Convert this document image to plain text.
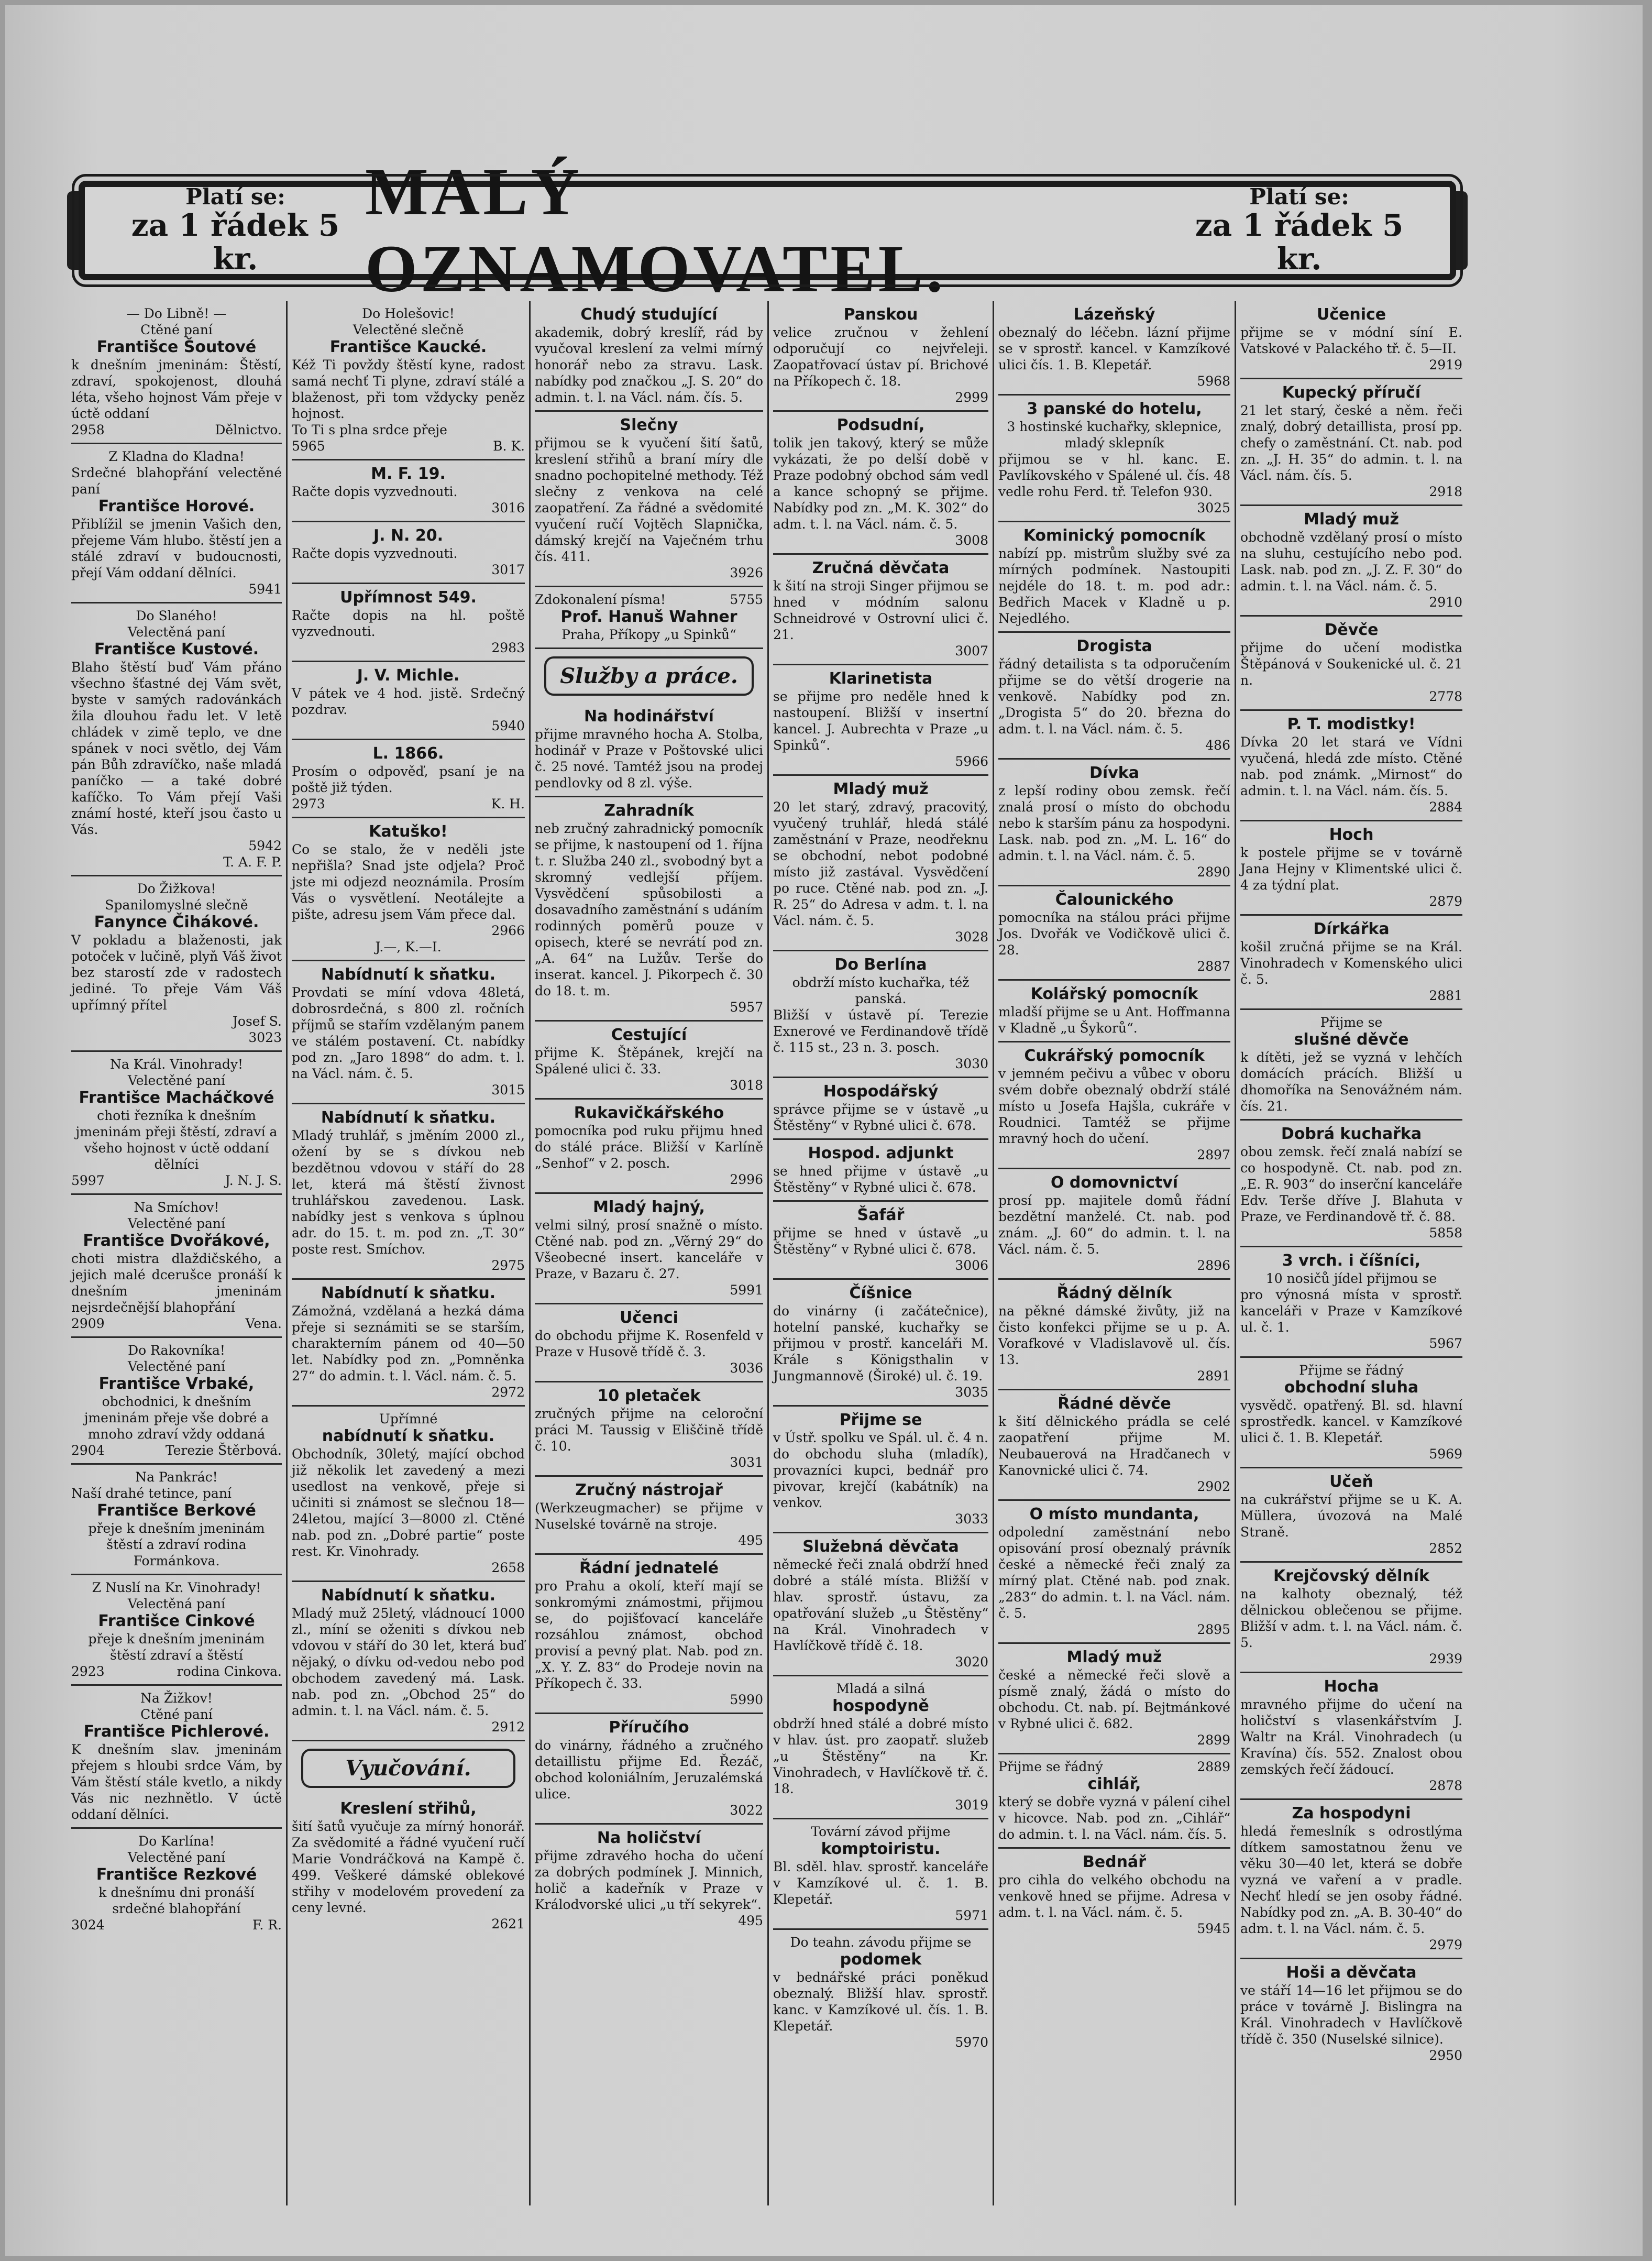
Platí se:
za 1 řádek 5 kr.
MALÝ OZNAMOVATEL.
Platí se:
za 1 řádek 5 kr.

— Do Libně! —

Ctěné paní

Františce Šoutové

k dnešním jmeninám: Štěstí, zdraví, spokojenost, dlouhá léta, všeho hojnost Vám přeje v úctě oddaní

2958	Dělnictvo.

Z Kladna do Kladna!

Srdečné blahopřání velectěné paní

Františce Horové.

Přiblížil se jmenin Vašich den, přejeme Vám hlubo. štěstí jen a stálé zdraví v budoucnosti, přejí Vám oddaní dělníci.

5941

Do Slaného!

Velectěná paní

Františce Kustové.

Blaho štěstí buď Vám přáno všechno šťastné dej Vám svět, byste v samých radovánkách žila dlouhou řadu let. V letě chládek v zimě teplo, ve dne spánek v noci světlo, dej Vám pán Bůh zdravíčko, naše mladá paníčko — a také dobré kafíčko. To Vám přejí Vaši známí hosté, kteří jsou často u Vás.

5942

T. A. F. P.

Do Žižkova!

Spanilomyslné slečně

Fanynce Čihákové.

V pokladu a blaženosti, jak potoček v lučině, plyň Váš život bez starostí zde v radostech jediné. To přeje Vám Váš upřímný přítel

Josef S.

3023

Na Král. Vinohrady!

Velectěné paní

Františce Macháčkové

choti řezníka k dnešním jmeninám přeji štěstí, zdraví a všeho hojnost v úctě oddaní dělníci

5997	J. N. J. S.

Na Smíchov!

Velectěné paní

Františce Dvořákové,

choti mistra dlaždičského, a jejich malé dcerušce pronáší k dnešním jmeninám nejsrdečnější blahopřání

2909	Vena.

Do Rakovníka!

Velectěné paní

Františce Vrbaké,

obchodnici, k dnešním jmeninám přeje vše dobré a mnoho zdraví vždy oddaná

2904	Terezie Štěrbová.

Na Pankrác!

Naší drahé tetince, paní

Františce Berkové

přeje k dnešním jmeninám štěstí a zdraví rodina Formánkova.

Z Nuslí na Kr. Vinohrady!

Velectěná paní

Františce Cinkové

přeje k dnešním jmeninám štěstí zdraví a štěstí

2923	rodina Cinkova.

Na Žižkov!

Ctěné paní

Františce Pichlerové.

K dnešním slav. jmeninám přejem s hloubi srdce Vám, by Vám štěstí stále kvetlo, a nikdy Vás nic nezhnětlo. V úctě oddaní dělníci.

Do Karlína!

Velectěné paní

Františce Rezkové

k dnešnímu dni pronáší srdečné blahopřání

3024	F. R.

Do Holešovic!

Velectěné slečně

Františce Kaucké.

Kéž Ti povždy štěstí kyne, radost samá nechť Ti plyne, zdraví stálé a blaženost, při tom vždycky peněz hojnost.

To Ti s plna srdce přeje

5965	B. K.

M. F. 19.

Račte dopis vyzvednouti.

3016

J. N. 20.

Račte dopis vyzvednouti.

3017

Upřímnost 549.

Račte dopis na hl. poště vyzvednouti.

2983

J. V. Michle.

V pátek ve 4 hod. jistě. Srdečný pozdrav.

5940

L. 1866.

Prosím o odpověď, psaní je na poště již týden.

2973	K. H.

Katuško!

Co se stalo, že v neděli jste nepřišla? Snad jste odjela? Proč jste mi odjezd neoznámila. Prosím Vás o vysvětlení. Neotálejte a pište, adresu jsem Vám přece dal.

2966

J.—, K.—I.

Nabídnutí k sňatku.

Provdati se míní vdova 48letá, dobrosrdečná, s 800 zl. ročních příjmů se stařím vzdělaným panem ve stálém postavení. Ct. nabídky pod zn. „Jaro 1898“ do adm. t. l. na Václ. nám. č. 5.

3015

Nabídnutí k sňatku.

Mladý truhlář, s jměním 2000 zl., ožení by se s dívkou neb bezdětnou vdovou v stáří do 28 let, která má štěstí živnost truhlářskou zavedenou. Lask. nabídky jest s venkova s úplnou adr. do 15. t. m. pod zn. „T. 30“ poste rest. Smíchov.

2975

Nabídnutí k sňatku.

Zámožná, vzdělaná a hezká dáma přeje si seznámiti se se starším, charakterním pánem od 40—50 let. Nabídky pod zn. „Pomněnka 27“ do admin. t. l. Václ. nám. č. 5.

2972

Upřímné

nabídnutí k sňatku.

Obchodník, 30letý, mající obchod již několik let zavedený a mezi usedlost na venkově, přeje si učiniti si známost se slečnou 18—24letou, mající 3—8000 zl. Ctěné nab. pod zn. „Dobré partie“ poste rest. Kr. Vinohrady.

2658

Nabídnutí k sňatku.

Mladý muž 25letý, vládnoucí 1000 zl., míní se oženiti s dívkou neb vdovou v stáří do 30 let, která buď nějaký, o dívku od-vedou nebo pod obchodem zavedený má. Lask. nab. pod zn. „Obchod 25“ do admin. t. l. na Václ. nám. č. 5.

2912

Vyučování.

Kreslení střihů,

šití šatů vyučuje za mírný honorář. Za svědomité a řádné vyučení ručí Marie Vondráčková na Kampě č. 499. Veškeré dámské oblekové střihy v modelovém provedení za ceny levné.

2621

Chudý studující

akademik, dobrý kreslíř, rád by vyučoval kreslení za velmi mírný honorář nebo za stravu. Lask. nabídky pod značkou „J. S. 20“ do admin. t. l. na Václ. nám. čís. 5.

Slečny

přijmou se k vyučení šití šatů, kreslení střihů a braní míry dle snadno pochopitelné methody. Též slečny z venkova na celé zaopatření. Za řádné a svědomité vyučení ručí Vojtěch Slapnička, dámský krejčí na Vaječném trhu čís. 411.

3926

Zdokonalení písma!	5755

Prof. Hanuš Wahner

Praha, Příkopy „u Spinků“

Služby a práce.

Na hodinářství

přijme mravného hocha A. Stolba, hodinář v Praze v Poštovské ulici č. 25 nové. Tamtéž jsou na prodej pendlovky od 8 zl. výše.

Zahradník

neb zručný zahradnický pomocník se přijme, k nastoupení od 1. října t. r. Služba 240 zl., svobodný byt a skromný vedlejší příjem. Vysvědčení spůsobilosti a dosavadního zaměstnání s udáním rodinných poměrů pouze v opisech, které se nevrátí pod zn. „A. 64“ na Lužův. Terše do inserat. kancel. J. Pikorpech č. 30 do 18. t. m.

5957

Cestující

přijme K. Štěpánek, krejčí na Spálené ulici č. 33.

3018

Rukavičkářského

pomocníka pod ruku přijmu hned do stálé práce. Bližší v Karlíně „Senhof“ v 2. posch.

2996

Mladý hajný,

velmi silný, prosí snažně o místo. Ctěné nab. pod zn. „Věrný 29“ do Všeobecné insert. kanceláře v Praze, v Bazaru č. 27.

5991

Učenci

do obchodu přijme K. Rosenfeld v Praze v Husově třídě č. 3.

3036

10 pletaček

zručných přijme na celoroční práci M. Taussig v Eliščině třídě č. 10.

3031

Zručný nástrojař

(Werkzeugmacher) se přijme v Nuselské továrně na stroje.

495

Řádní jednatelé

pro Prahu a okolí, kteří mají se sonkromými známostmi, přijmou se, do pojišťovací kanceláře rozsáhlou známost, obchod provisí a pevný plat. Nab. pod zn. „X. Y. Z. 83“ do Prodeje novin na Příkopech č. 33.

5990

Příručího

do vinárny, řádného a zručného detaillistu přijme Ed. Řezáč, obchod koloniálním, Jeruzalémská ulice.

3022

Na holičství

přijme zdravého hocha do učení za dobrých podmínek J. Minnich, holič a kadeřník v Praze v Králodvorské ulici „u tří sekyrek“.

495

Panskou

velice zručnou v žehlení odporučují co nejvřeleji. Zaopatřovací ústav pí. Brichové na Příkopech č. 18.

2999

Podsudní,

tolik jen takový, který se může vykázati, že po delší době v Praze podobný obchod sám vedl a kance schopný se přijme. Nabídky pod zn. „M. K. 302“ do adm. t. l. na Václ. nám. č. 5.

3008

Zručná děvčata

k šití na stroji Singer přijmou se hned v módním salonu Schneidrové v Ostrovní ulici č. 21.

3007

Klarinetista

se přijme pro neděle hned k nastoupení. Bližší v insertní kancel. J. Aubrechta v Praze „u Spinků“.

5966

Mladý muž

20 let starý, zdravý, pracovitý, vyučený truhlář, hledá stálé zaměstnání v Praze, neodřeknu se obchodní, nebot podobné místo již zastával. Vysvědčení po ruce. Ctěné nab. pod zn. „J. R. 25“ do Adresa v adm. t. l. na Václ. nám. č. 5.

3028

Do Berlína

obdrží místo kuchařka, též panská.

Bližší v ústavě pí. Terezie Exnerové ve Ferdinandově třídě č. 115 st., 23 n. 3. posch.

3030

Hospodářský

správce přijme se v ústavě „u Štěstěny“ v Rybné ulici č. 678.

Hospod. adjunkt

se hned přijme v ústavě „u Štěstěny“ v Rybné ulici č. 678.

Šafář

přijme se hned v ústavě „u Štěstěny“ v Rybné ulici č. 678.

3006

Číšnice

do vinárny (i začátečnice), hotelní panské, kuchařky se přijmou v prostř. kanceláři M. Krále s Königsthalin v Jungmannově (Široké) ul. č. 19.

3035

Přijme se

v Ústř. spolku ve Spál. ul. č. 4 n. do obchodu sluha (mladík), provazníci kupci, bednář pro pivovar, krejčí (kabátník) na venkov.

3033

Služebná děvčata

německé řeči znalá obdrží hned dobré a stálé místa. Bližší v hlav. sprostř. ústavu, za opatřování služeb „u Štěstěny“ na Král. Vinohradech v Havlíčkově třídě č. 18.

3020

Mladá a silná

hospodyně

obdrží hned stálé a dobré místo v hlav. úst. pro zaopatř. služeb „u Štěstěny“ na Kr. Vinohradech, v Havlíčkově tř. č. 18.

3019

Tovární závod přijme

komptoiristu.

Bl. sděl. hlav. sprostř. kanceláře v Kamzíkové ul. č. 1. B. Klepetář.

5971

Do teahn. závodu přijme se

podomek

v bednářské práci poněkud obeznalý. Bližší hlav. sprostř. kanc. v Kamzíkové ul. čís. 1. B. Klepetář.

5970

Lázeňský

obeznalý do léčebn. lázní přijme se v sprostř. kancel. v Kamzíkové ulici čís. 1. B. Klepetář.

5968

3 panské do hotelu,

3 hostinské kuchařky, sklepnice, mladý sklepník

přijmou se v hl. kanc. E. Pavlíkovského v Spálené ul. čís. 48 vedle rohu Ferd. tř. Telefon 930.

3025

Kominický pomocník

nabízí pp. mistrům služby své za mírných podmínek. Nastoupiti nejdéle do 18. t. m. pod adr.: Bedřich Macek v Kladně u p. Nejedlého.

Drogista

řádný detailista s ta odporučením přijme se do větší drogerie na venkově. Nabídky pod zn. „Drogista 5“ do 20. března do adm. t. l. na Václ. nám. č. 5.

486

Dívka

z lepší rodiny obou zemsk. řečí znalá prosí o místo do obchodu nebo k starším pánu za hospodyni. Lask. nab. pod zn. „M. L. 16“ do admin. t. l. na Václ. nám. č. 5.

2890

Čalounického

pomocníka na stálou práci přijme Jos. Dvořák ve Vodičkově ulici č. 28.

2887

Kolářský pomocník

mladší přijme se u Ant. Hoffmanna v Kladně „u Šykorů“.

Cukrářský pomocník

v jemném pečivu a vůbec v oboru svém dobře obeznalý obdrží stálé místo u Josefa Hajšla, cukráře v Roudnici. Tamtéž se přijme mravný hoch do učení.

2897

O domovnictví

prosí pp. majitele domů řádní bezdětní manželé. Ct. nab. pod znám. „J. 60“ do admin. t. l. na Václ. nám. č. 5.

2896

Řádný dělník

na pěkné dámské živůty, již na čisto konfekci přijme se u p. A. Vorafkové v Vladislavově ul. čís. 13.

2891

Řádné děvče

k šití dělnického prádla se celé zaopatření přijme M. Neubauerová na Hradčanech v Kanovnické ulici č. 74.

2902

O místo mundanta,

odpolední zaměstnání nebo opisování prosí obeznalý právník české a německé řeči znalý za mírný plat. Ctěné nab. pod znak. „283“ do admin. t. l. na Václ. nám. č. 5.

2895

Mladý muž

české a německé řeči slově a písmě znalý, žádá o místo do obchodu. Ct. nab. pí. Bejtmánkové v Rybné ulici č. 682.

2899

Přijme se řádný	2889

cihlář,

který se dobře vyzná v pálení cihel v hicovce. Nab. pod zn. „Cihlář“ do admin. t. l. na Václ. nám. čís. 5.

Bednář

pro cihla do velkého obchodu na venkově hned se přijme. Adresa v adm. t. l. na Václ. nám. č. 5.

5945

Učenice

přijme se v módní síní E. Vatskové v Palackého tř. č. 5—II.

2919

Kupecký příručí

21 let starý, české a něm. řeči znalý, dobrý detaillista, prosí pp. chefy o zaměstnání. Ct. nab. pod zn. „J. H. 35“ do admin. t. l. na Václ. nám. čís. 5.

2918

Mladý muž

obchodně vzdělaný prosí o místo na sluhu, cestujícího nebo pod. Lask. nab. pod zn. „J. Z. F. 30“ do admin. t. l. na Václ. nám. č. 5.

2910

Děvče

přijme do učení modistka Štěpánová v Soukenické ul. č. 21 n.

2778

P. T. modistky!

Dívka 20 let stará ve Vídni vyučená, hledá zde místo. Ctěné nab. pod známk. „Mirnost“ do admin. t. l. na Václ. nám. čís. 5.

2884

Hoch

k postele přijme se v továrně Jana Hejny v Klimentské ulici č. 4 za týdní plat.

2879

Dírkářka

košil zručná přijme se na Král. Vinohradech v Komenského ulici č. 5.

2881

Přijme se

slušné děvče

k dítěti, jež se vyzná v lehčích domácích prácích. Bližší u dhomoříka na Senovážném nám. čís. 21.

Dobrá kuchařka

obou zemsk. řečí znalá nabízí se co hospodyně. Ct. nab. pod zn. „E. R. 903“ do inserční kanceláře Edv. Terše dříve J. Blahuta v Praze, ve Ferdinandově tř. č. 88.

5858

3 vrch. i číšníci,

10 nosičů jídel přijmou se

pro výnosná místa v sprostř. kanceláři v Praze v Kamzíkové ul. č. 1.

5967

Přijme se řádný

obchodní sluha

vysvědč. opatřený. Bl. sd. hlavní sprostředk. kancel. v Kamzíkové ulici č. 1. B. Klepetář.

5969

Učeň

na cukrářství přijme se u K. A. Müllera, úvozová na Malé Straně.

2852

Krejčovský dělník

na kalhoty obeznalý, též dělnickou oblečenou se přijme. Bližší v adm. t. l. na Václ. nám. č. 5.

2939

Hocha

mravného přijme do učení na holičství s vlasenkářstvím J. Waltr na Král. Vinohradech (u Kravína) čís. 552. Znalost obou zemských řečí žádoucí.

2878

Za hospodyni

hledá řemeslník s odrostlýma dítkem samostatnou ženu ve věku 30—40 let, která se dobře vyzná ve vaření a v pradle. Nechť hledí se jen osoby řádné. Nabídky pod zn. „A. B. 30-40“ do adm. t. l. na Václ. nám. č. 5.

2979

Hoši a děvčata

ve stáří 14—16 let přijmou se do práce v továrně J. Bislingra na Král. Vinohradech v Havlíčkově třídě č. 350 (Nuselské silnice).

2950
